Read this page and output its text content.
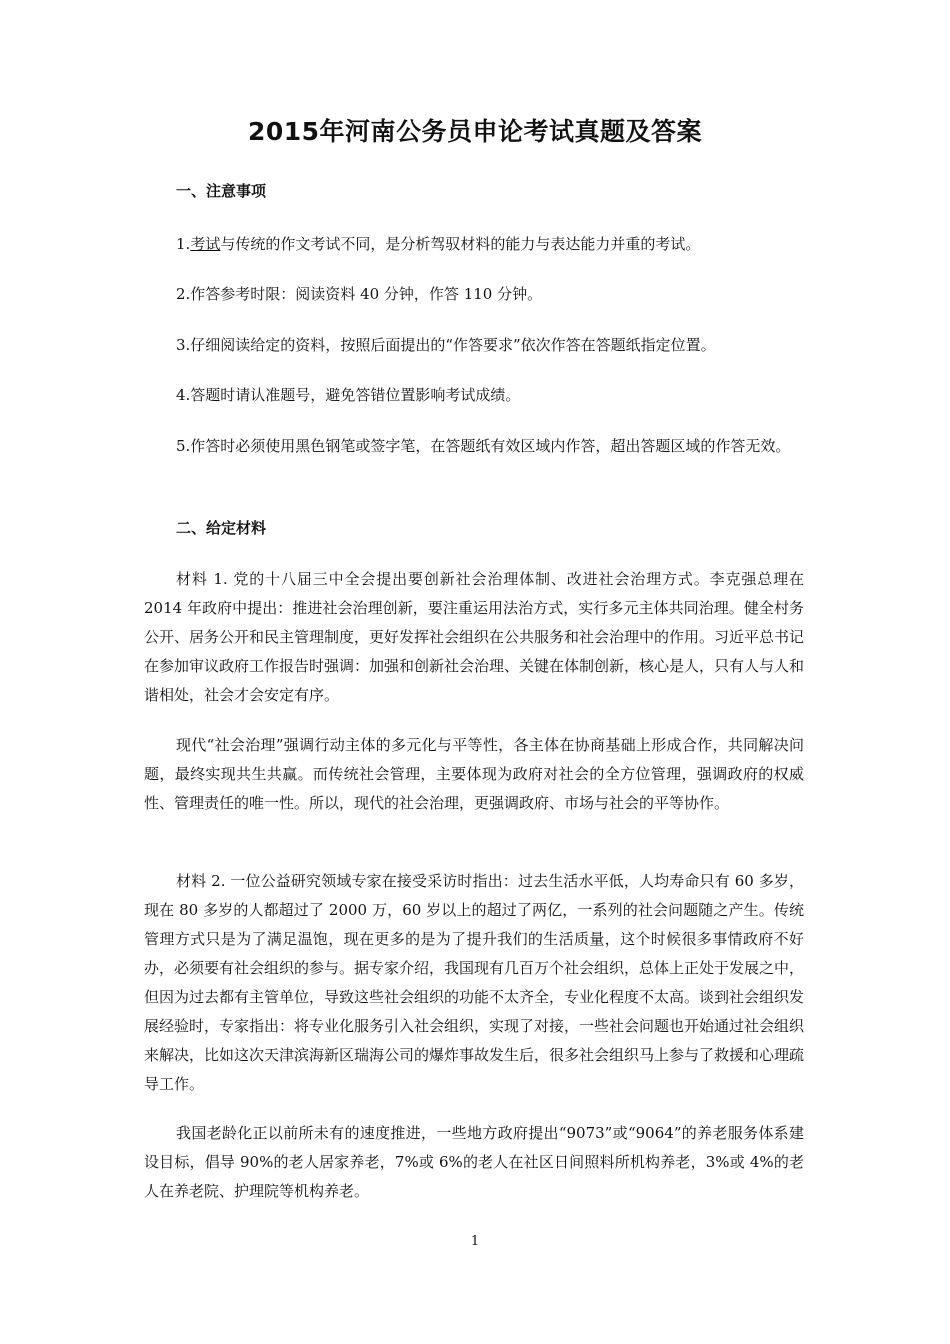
2015年河南公务员申论考试真题及答案
一、注意事项

1.考试与传统的作文考试不同，是分析驾驭材料的能力与表达能力并重的考试。

2.作答参考时限：阅读资料 40 分钟，作答 110 分钟。

3.仔细阅读给定的资料，按照后面提出的“作答要求”依次作答在答题纸指定位置。

4.答题时请认准题号，避免答错位置影响考试成绩。

5.作答时必须使用黑色钢笔或签字笔，在答题纸有效区域内作答，超出答题区域的作答无效。

二、给定材料

材料 1. 党的十八届三中全会提出要创新社会治理体制、改进社会治理方式。李克强总理在 2014 年政府中提出：推进社会治理创新，要注重运用法治方式，实行多元主体共同治理。健全村务公开、居务公开和民主管理制度，更好发挥社会组织在公共服务和社会治理中的作用。习近平总书记在参加审议政府工作报告时强调：加强和创新社会治理、关键在体制创新，核心是人，只有人与人和谐相处，社会才会安定有序。

现代“社会治理”强调行动主体的多元化与平等性，各主体在协商基础上形成合作，共同解决问题，最终实现共生共赢。而传统社会管理，主要体现为政府对社会的全方位管理，强调政府的权威性、管理责任的唯一性。所以，现代的社会治理，更强调政府、市场与社会的平等协作。

材料 2. 一位公益研究领域专家在接受采访时指出：过去生活水平低，人均寿命只有 60 多岁，现在 80 多岁的人都超过了 2000 万，60 岁以上的超过了两亿，一系列的社会问题随之产生。传统管理方式只是为了满足温饱，现在更多的是为了提升我们的生活质量，这个时候很多事情政府不好办，必须要有社会组织的参与。据专家介绍，我国现有几百万个社会组织，总体上正处于发展之中，但因为过去都有主管单位，导致这些社会组织的功能不太齐全，专业化程度不太高。谈到社会组织发展经验时，专家指出：将专业化服务引入社会组织，实现了对接，一些社会问题也开始通过社会组织来解决，比如这次天津滨海新区瑞海公司的爆炸事故发生后，很多社会组织马上参与了救援和心理疏导工作。

我国老龄化正以前所未有的速度推进，一些地方政府提出“9073”或“9064”的养老服务体系建设目标，倡导 90%的老人居家养老，7%或 6%的老人在社区日间照料所机构养老，3%或 4%的老人在养老院、护理院等机构养老。

1
